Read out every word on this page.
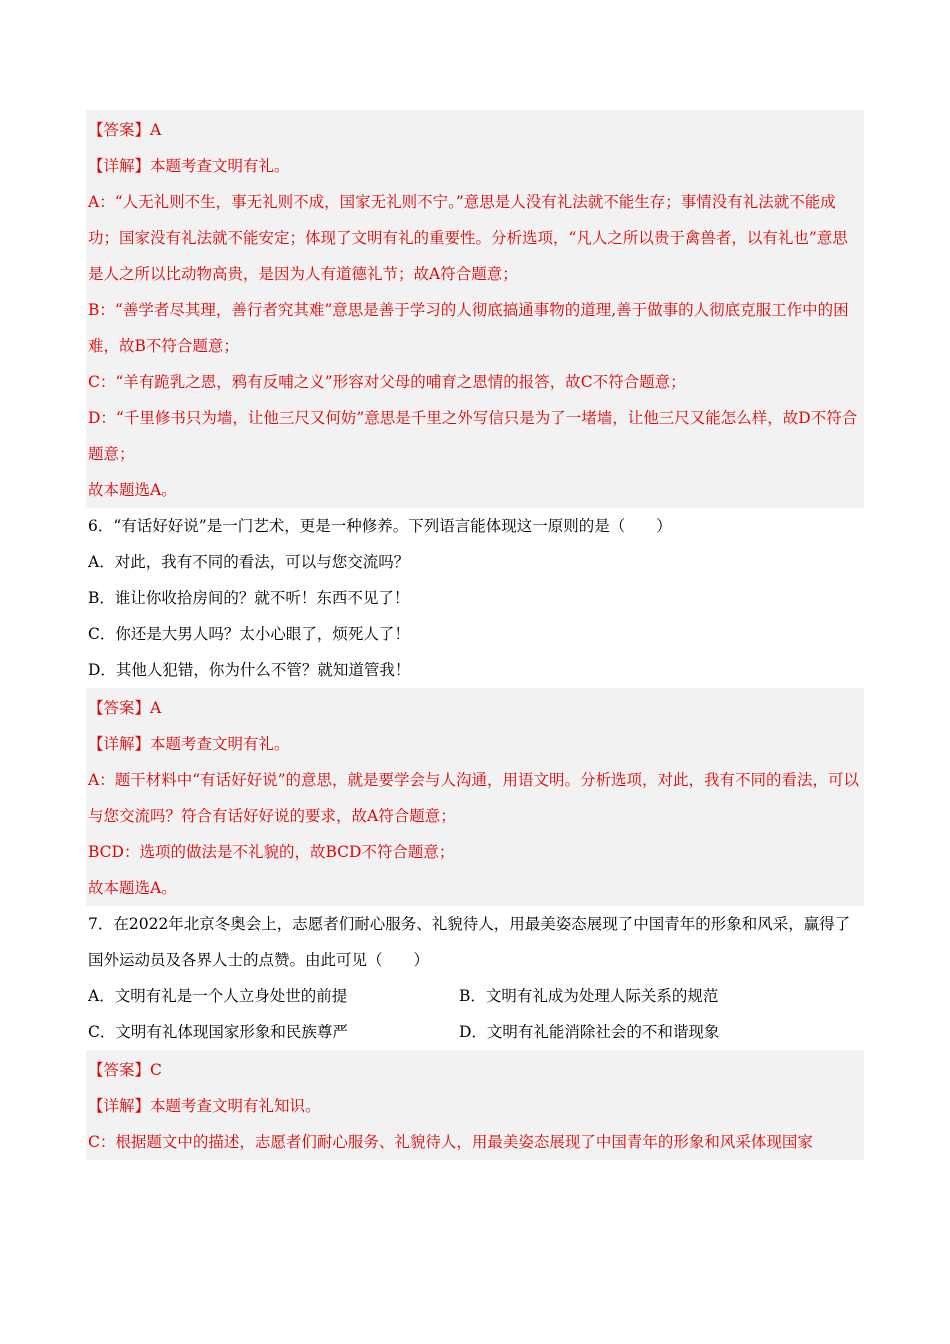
【答案】A
【详解】本题考查文明有礼。
A：“人无礼则不生，事无礼则不成，国家无礼则不宁。”意思是人没有礼法就不能生存；事情没有礼法就不能成功；国家没有礼法就不能安定；体现了文明有礼的重要性。分析选项，“凡人之所以贵于禽兽者，以有礼也”意思是人之所以比动物高贵，是因为人有道德礼节；故A符合题意；
B：“善学者尽其理，善行者究其难”意思是善于学习的人彻底搞通事物的道理,善于做事的人彻底克服工作中的困难，故B不符合题意；
C：“羊有跪乳之恩，鸦有反哺之义”形容对父母的哺育之恩情的报答，故C不符合题意；
D：“千里修书只为墙，让他三尺又何妨”意思是千里之外写信只是为了一堵墙，让他三尺又能怎么样，故D不符合题意；
故本题选A。
6．“有话好好说”是一门艺术，更是一种修养。下列语言能体现这一原则的是（　　）
A．对此，我有不同的看法，可以与您交流吗？
B．谁让你收拾房间的？就不听！东西不见了！
C．你还是大男人吗？太小心眼了，烦死人了！
D．其他人犯错，你为什么不管？就知道管我！
【答案】A
【详解】本题考查文明有礼。
A：题干材料中“有话好好说”的意思，就是要学会与人沟通，用语文明。分析选项，对此，我有不同的看法，可以与您交流吗？符合有话好好说的要求，故A符合题意；
BCD：选项的做法是不礼貌的，故BCD不符合题意；
故本题选A。
7．在2022年北京冬奥会上，志愿者们耐心服务、礼貌待人，用最美姿态展现了中国青年的形象和风采，赢得了国外运动员及各界人士的点赞。由此可见（　　）
A．文明有礼是一个人立身处世的前提	B．文明有礼成为处理人际关系的规范
C．文明有礼体现国家形象和民族尊严	D．文明有礼能消除社会的不和谐现象
【答案】C
【详解】本题考查文明有礼知识。
C：根据题文中的描述，志愿者们耐心服务、礼貌待人，用最美姿态展现了中国青年的形象和风采体现国家
